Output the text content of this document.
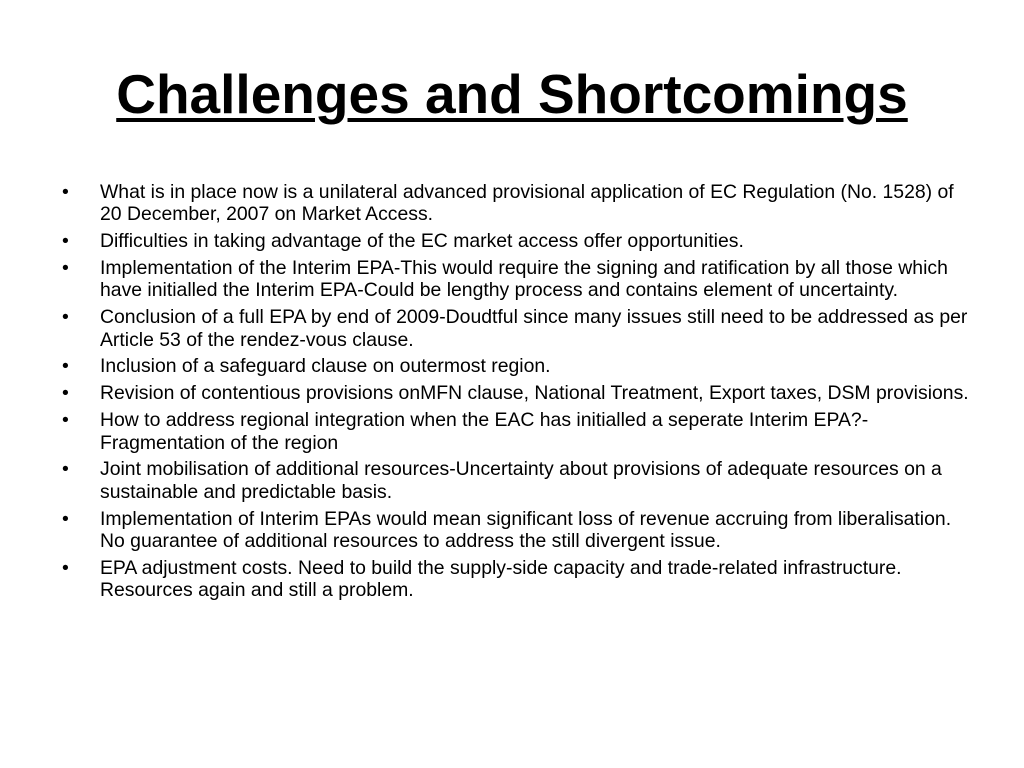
Challenges and Shortcomings
•	What is in place now is a unilateral advanced provisional application of EC Regulation (No. 1528) of 20 December, 2007 on Market Access.
•	Difficulties in taking advantage of the EC market access offer opportunities.
•	Implementation of the Interim EPA-This would require the signing and ratification by all those which have initialled the Interim EPA-Could be lengthy process and contains element of uncertainty.
•	Conclusion of a full EPA by end of 2009-Doudtful since many issues still need to be addressed as per Article 53 of the rendez-vous clause.
•	Inclusion of a safeguard clause on outermost region.
•	Revision of contentious provisions onMFN clause, National Treatment, Export taxes, DSM provisions.
•	How to address regional integration when the EAC has initialled a seperate Interim EPA?-Fragmentation of the region
•	Joint mobilisation of additional resources-Uncertainty about provisions of adequate resources on a sustainable and predictable basis.
•	Implementation of Interim EPAs would mean significant loss of revenue accruing from liberalisation. No guarantee of additional resources to address the still divergent issue.
•	EPA adjustment costs. Need to build the supply-side capacity and trade-related infrastructure. Resources again and still a problem.
